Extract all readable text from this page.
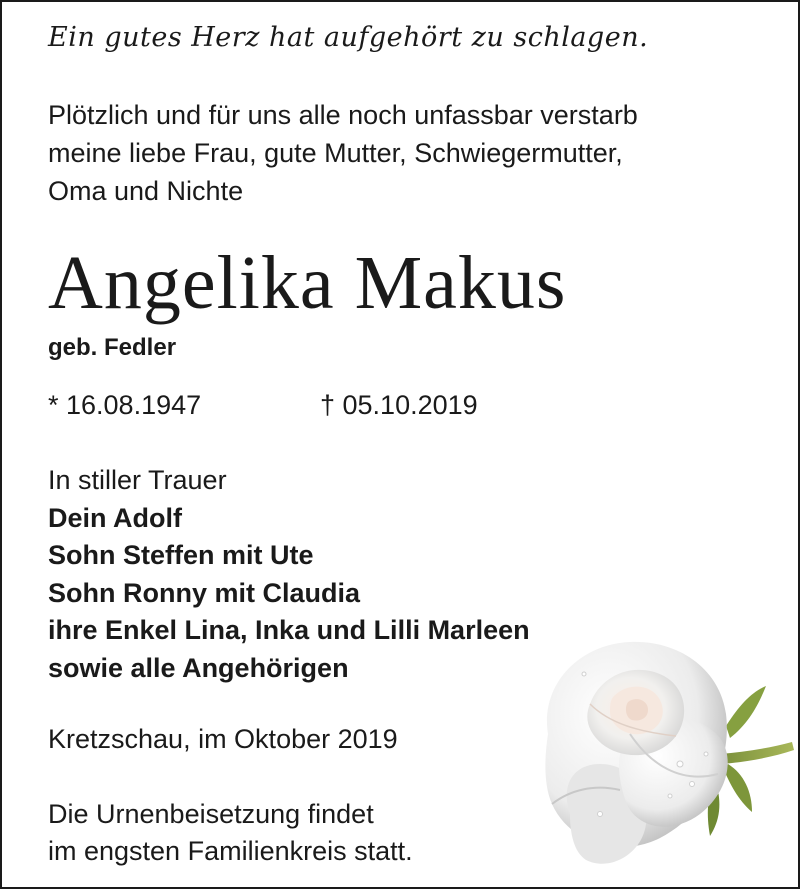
Ein gutes Herz hat aufgehört zu schlagen.
Plötzlich und für uns alle noch unfassbar verstarb
meine liebe Frau, gute Mutter, Schwiegermutter,
Oma und Nichte
Angelika Makus
geb. Fedler
* 16.08.1947	† 05.10.2019
In stiller Trauer
Dein Adolf
Sohn Steffen mit Ute
Sohn Ronny mit Claudia
ihre Enkel Lina, Inka und Lilli Marleen
sowie alle Angehörigen
Kretzschau, im Oktober 2019
Die Urnenbeisetzung findet
im engsten Familienkreis statt.
